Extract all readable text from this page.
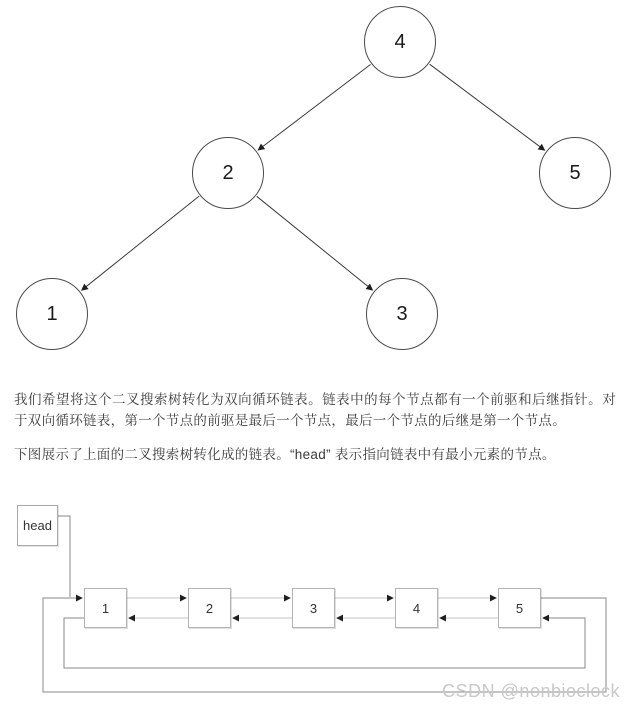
4
2	5
1	3
我们希望将这个二叉搜索树转化为双向循环链表。链表中的每个节点都有一个前驱和后继指针。对于双向循环链表，第一个节点的前驱是最后一个节点，最后一个节点的后继是第一个节点。
下图展示了上面的二叉搜索树转化成的链表。“head” 表示指向链表中有最小元素的节点。
head
1	2	3	4	5
CSDN @nonbioclock
